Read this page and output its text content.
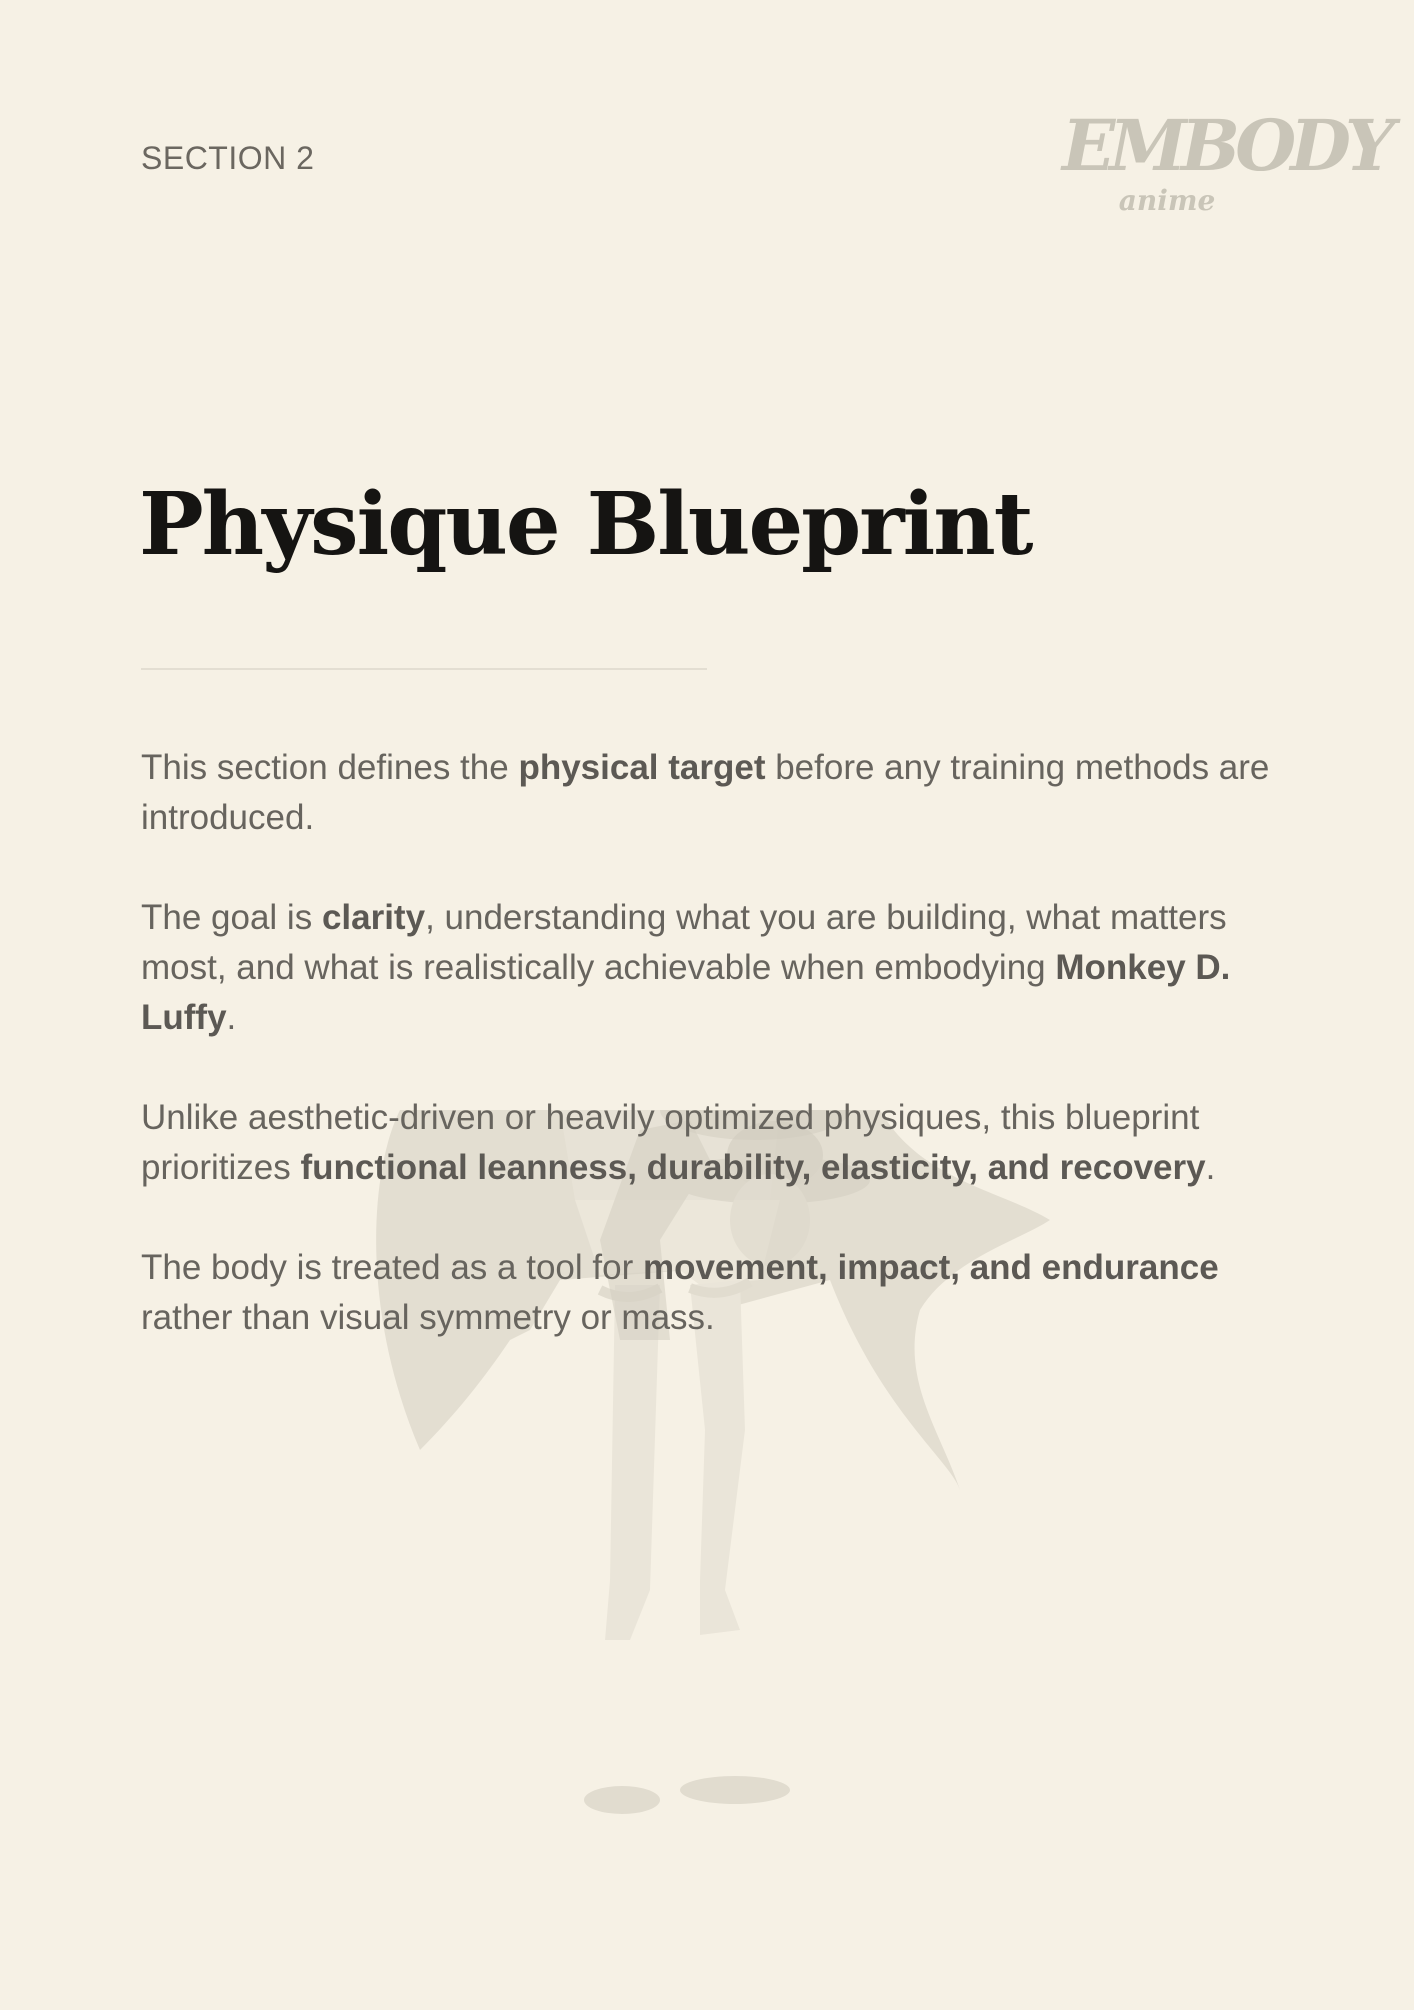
SECTION 2	EMBODY
anime
Physique Blueprint

This section defines the physical target before any training methods are introduced.

The goal is clarity, understanding what you are building, what matters most, and what is realistically achievable when embodying Monkey D. Luffy.

Unlike aesthetic-driven or heavily optimized physiques, this blueprint prioritizes functional leanness, durability, elasticity, and recovery.

The body is treated as a tool for movement, impact, and endurance rather than visual symmetry or mass.
